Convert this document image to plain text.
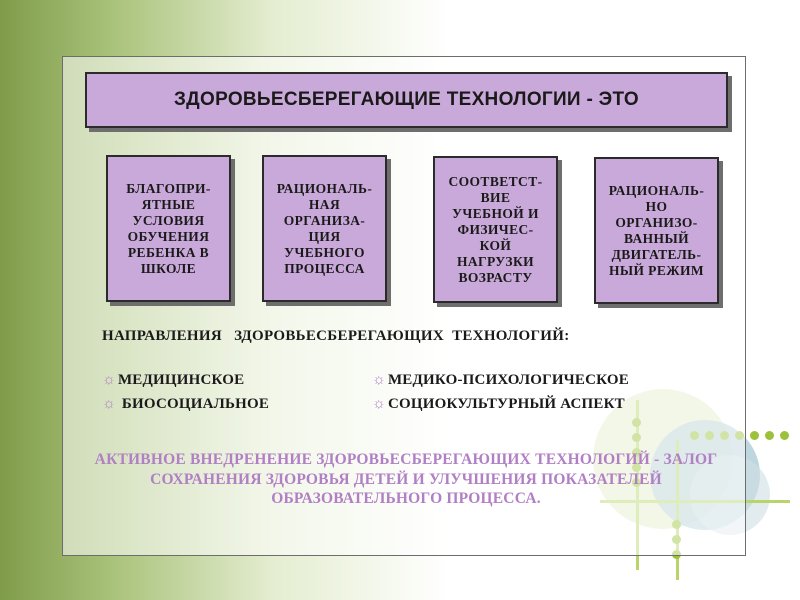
ЗДОРОВЬЕСБЕРЕГАЮЩИЕ ТЕХНОЛОГИИ - ЭТО
БЛАГОПРИ-
ЯТНЫЕ
УСЛОВИЯ
ОБУЧЕНИЯ
РЕБЕНКА В
ШКОЛЕ
РАЦИОНАЛЬ-
НАЯ
ОРГАНИЗА-
ЦИЯ
УЧЕБНОГО
ПРОЦЕССА
СООТВЕТСТ-
ВИЕ
УЧЕБНОЙ И
ФИЗИЧЕС-
КОЙ
НАГРУЗКИ
ВОЗРАСТУ
РАЦИОНАЛЬ-
НО
ОРГАНИЗО-
ВАННЫЙ
ДВИГАТЕЛЬ-
НЫЙ РЕЖИМ
НАПРАВЛЕНИЯ   ЗДОРОВЬЕСБЕРЕГАЮЩИХ  ТЕХНОЛОГИЙ:
☼ МЕДИЦИНСКОЕ
☼ БИОСОЦИАЛЬНОЕ
☼ МЕДИКО-ПСИХОЛОГИЧЕСКОЕ
☼ СОЦИОКУЛЬТУРНЫЙ АСПЕКТ
АКТИВНОЕ ВНЕДРЕНЕНИЕ ЗДОРОВЬЕСБЕРЕГАЮЩИХ ТЕХНОЛОГИЙ - ЗАЛОГ СОХРАНЕНИЯ ЗДОРОВЬЯ ДЕТЕЙ И УЛУЧШЕНИЯ ПОКАЗАТЕЛЕЙ ОБРАЗОВАТЕЛЬНОГО ПРОЦЕССА.
